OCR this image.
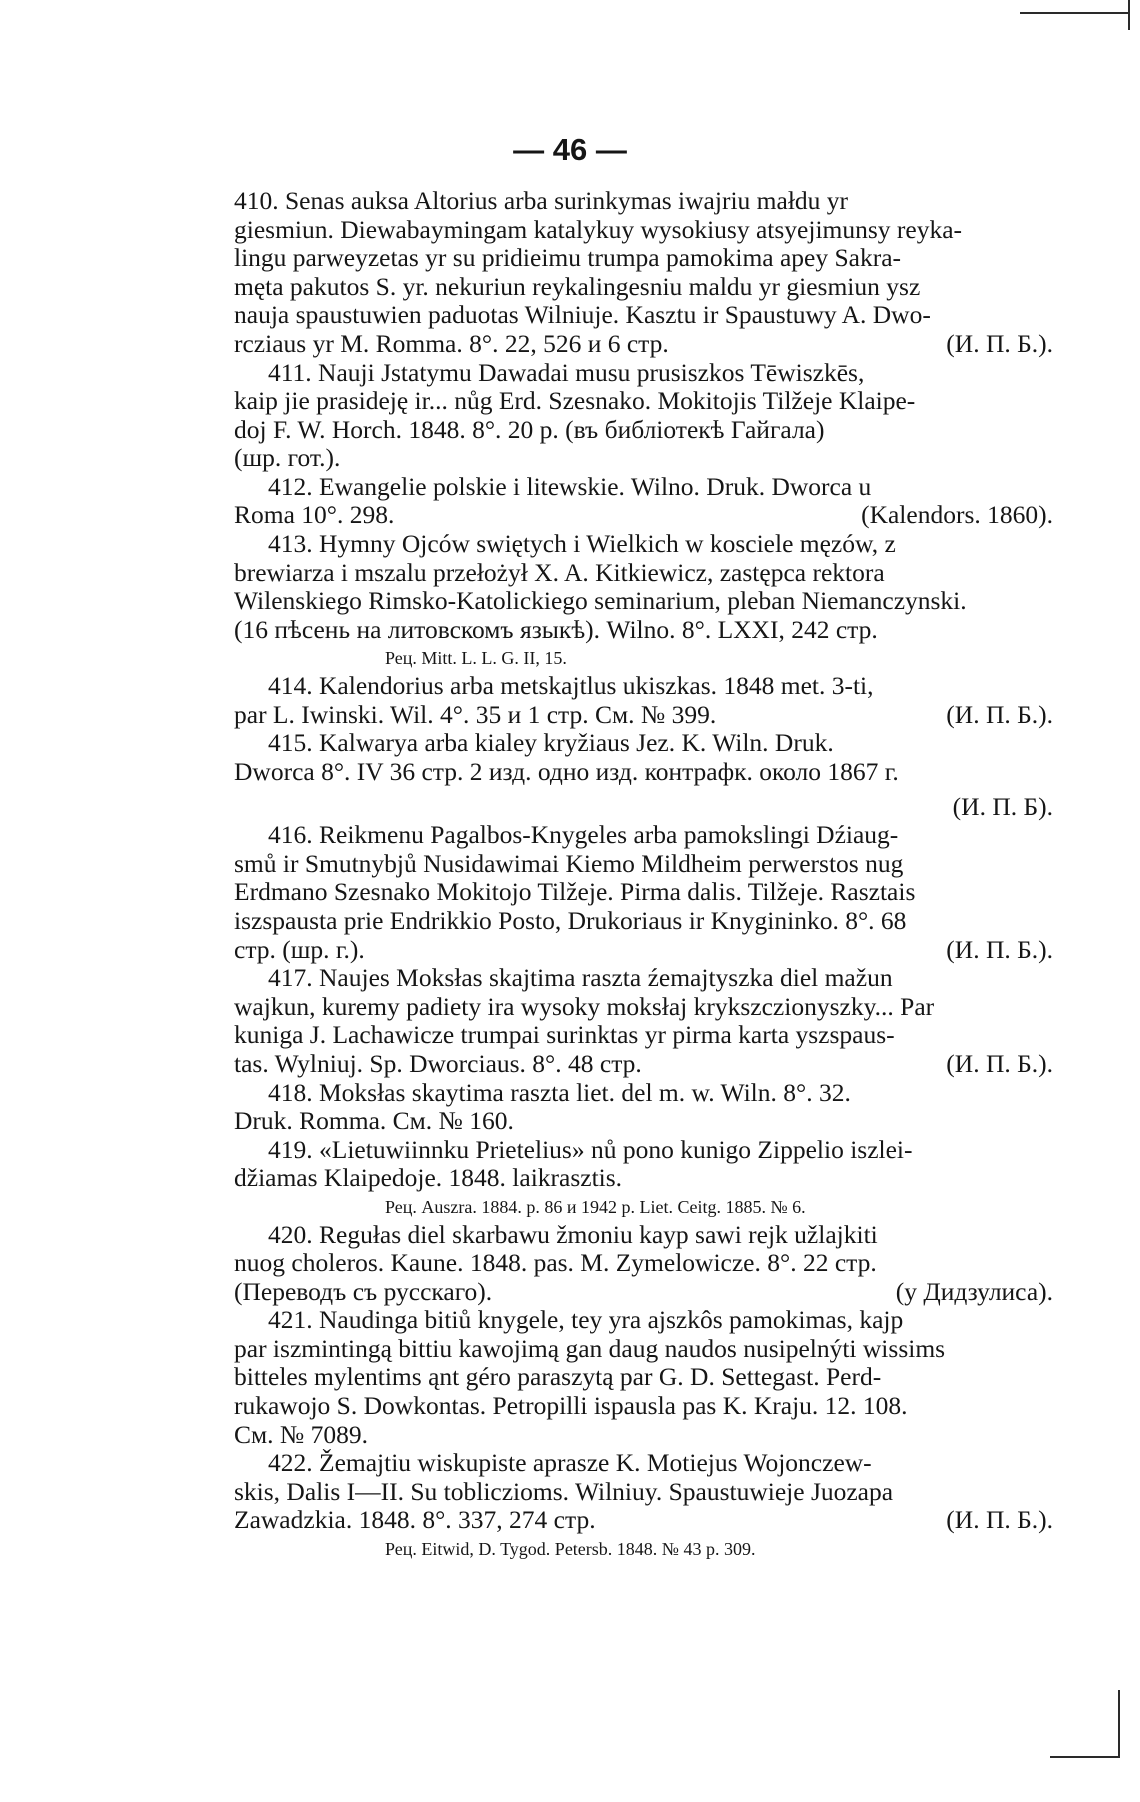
— 46 —
410. Senas auksa Altorius arba surinkymas iwajriu małdu yr
giesmiun. Diewabaymingam katalykuy wysokiusy atsyejimunsy reyka-
lingu parweyzetas yr su pridieimu trumpa pamokima apey Sakra-
męta pakutos S. yr. nekuriun reykalingesniu maldu yr giesmiun ysz
nauja spaustuwien paduotas Wilniuje. Kasztu ir Spaustuwy A. Dwo-
rcziaus yr M. Romma. 8°. 22, 526 и 6 стр.	(И. П. Б.).
411. Nauji Jstatymu Dawadai musu prusiszkos Tēwiszkēs,
kaip jie prasideję ir... nůg Erd. Szesnako. Mokitojis Tilžeje Klaipe-
doj F. W. Horch. 1848. 8°. 20 p. (въ библіотекѣ Гайгала)
(шр. гот.).
412. Ewangelie polskie i litewskie. Wilno. Druk. Dworca u
Roma 10°. 298.	(Kalendors. 1860).
413. Hymny Ojców swiętych i Wielkich w kosciele męzów, z
brewiarza i mszalu przełożył X. A. Kitkiewicz, zastępca rektora
Wilenskiego Rimsko-Katolickiego seminarium, pleban Niemanczynski.
(16 пѣсень на литовскомъ языкѣ). Wilno. 8°. LXXI, 242 стр.
Рец. Mitt. L. L. G. II, 15.
414. Kalendorius arba metskajtlus ukiszkas. 1848 met. 3-ti,
par L. Iwinski. Wil. 4°. 35 и 1 стр. См. № 399.	(И. П. Б.).
415. Kalwarya arba kialey kryžiaus Jez. K. Wiln. Druk.
Dworca 8°. IV 36 стр. 2 изд. одно изд. контрафк. около 1867 г.
(И. П. Б).
416. Reikmenu Pagalbos-Knygeles arba pamokslingi Dźiaug-
smů ir Smutnybjů Nusidawimai Kiemo Mildheim perwerstos nug
Erdmano Szesnako Mokitojo Tilžeje. Pirma dalis. Tilžeje. Rasztais
iszspausta prie Endrikkio Posto, Drukoriaus ir Knygininko. 8°. 68
стр. (шр. г.).	(И. П. Б.).
417. Naujes Moksłas skajtima raszta źemajtyszka diel mažun
wajkun, kuremy padiety ira wysoky moksłaj krykszczionyszky... Par
kuniga J. Lachawicze trumpai surinktas yr pirma karta yszspaus-
tas. Wylniuj. Sp. Dworciaus. 8°. 48 стр.	(И. П. Б.).
418. Moksłas skaytima raszta liet. del m. w. Wiln. 8°. 32.
Druk. Romma. См. № 160.
419. «Lietuwiinnku Prietelius» nů pono kunigo Zippelio iszlei-
džiamas Klaipedoje. 1848. laikrasztis.
Рец. Auszra. 1884. p. 86 и 1942 p. Liet. Ceitg. 1885. № 6.
420. Regułas diel skarbawu žmoniu kayp sawi rejk užlajkiti
nuog choleros. Kaune. 1848. pas. M. Zymelowicze. 8°. 22 стр.
(Переводъ съ русскаго).	(у Дидзулиса).
421. Naudinga bitiů knygele, tey yra ajszkôs pamokimas, kajp
par iszmintingą bittiu kawojimą gan daug naudos nusipelnýti wissims
bitteles mylentims ąnt géro paraszytą par G. D. Settegast. Perd-
rukawojo S. Dowkontas. Petropilli ispausla pas K. Kraju. 12. 108.
См. № 7089.
422. Žemajtiu wiskupiste aprasze K. Motiejus Wojonczew-
skis, Dalis I—II. Su tobliczioms. Wilniuy. Spaustuwieje Juozapa
Zawadzkia. 1848. 8°. 337, 274 стр.	(И. П. Б.).
Рец. Eitwid, D. Tygod. Petersb. 1848. № 43 p. 309.
